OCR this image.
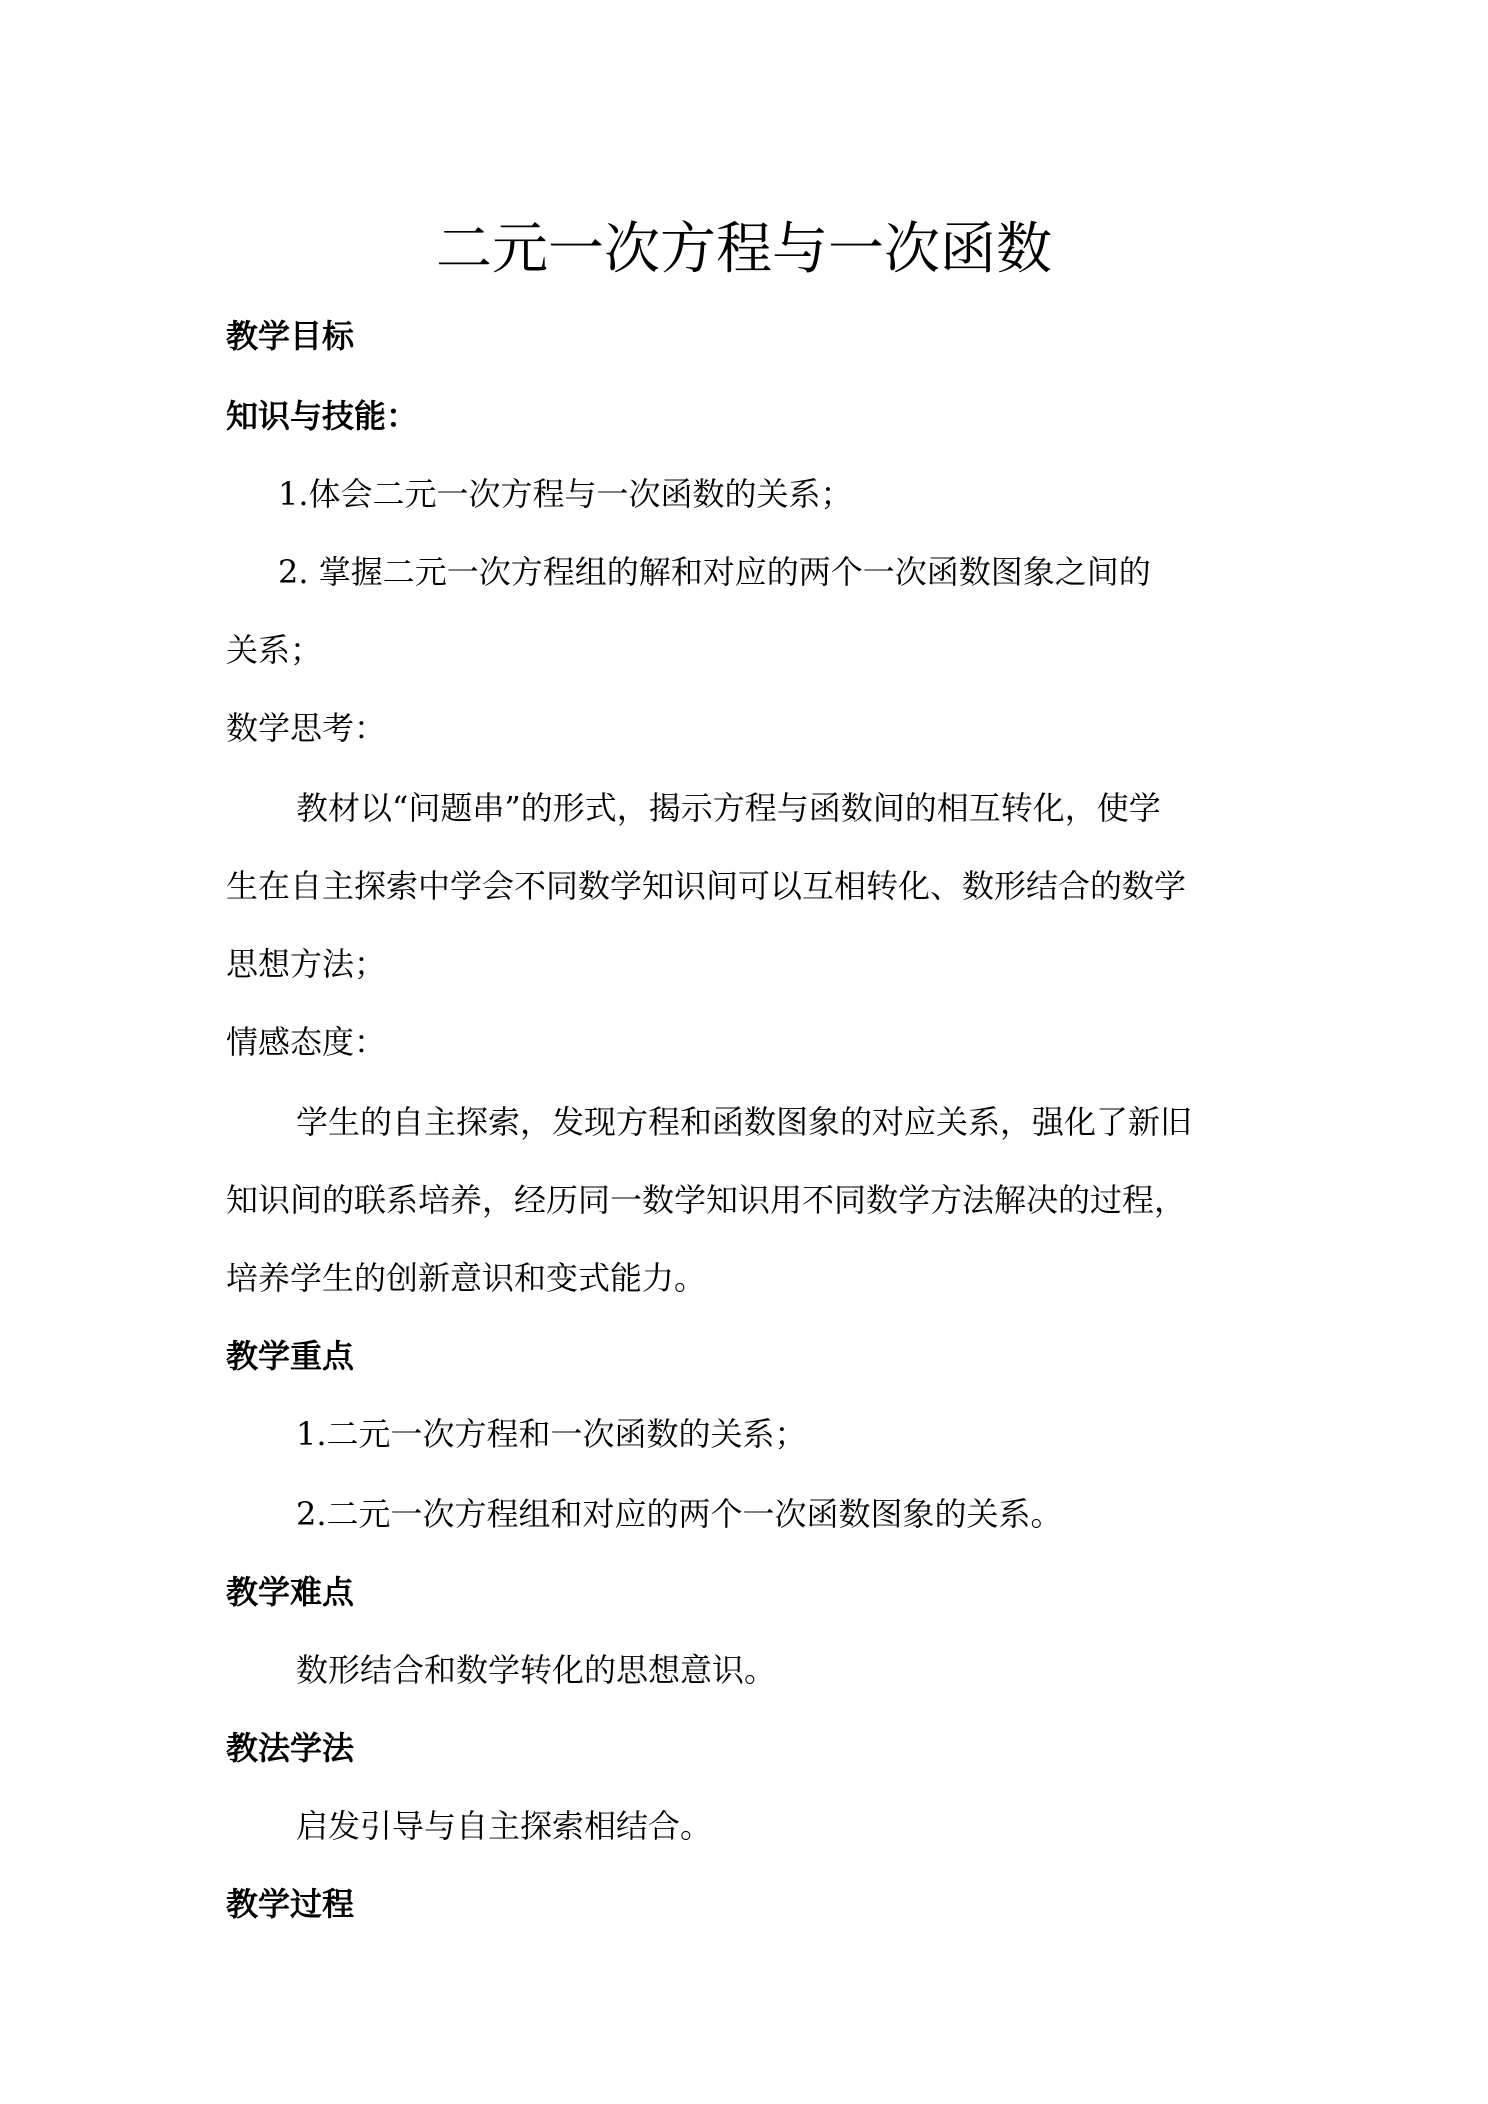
二元一次方程与一次函数
教学目标
知识与技能：
1.体会二元一次方程与一次函数的关系；
2. 掌握二元一次方程组的解和对应的两个一次函数图象之间的
关系；
数学思考：
教材以“问题串”的形式，揭示方程与函数间的相互转化，使学
生在自主探索中学会不同数学知识间可以互相转化、数形结合的数学
思想方法；
情感态度：
学生的自主探索，发现方程和函数图象的对应关系，强化了新旧
知识间的联系培养，经历同一数学知识用不同数学方法解决的过程，
培养学生的创新意识和变式能力。
教学重点
1.二元一次方程和一次函数的关系；
2.二元一次方程组和对应的两个一次函数图象的关系。
教学难点
数形结合和数学转化的思想意识。
教法学法
启发引导与自主探索相结合。
教学过程
